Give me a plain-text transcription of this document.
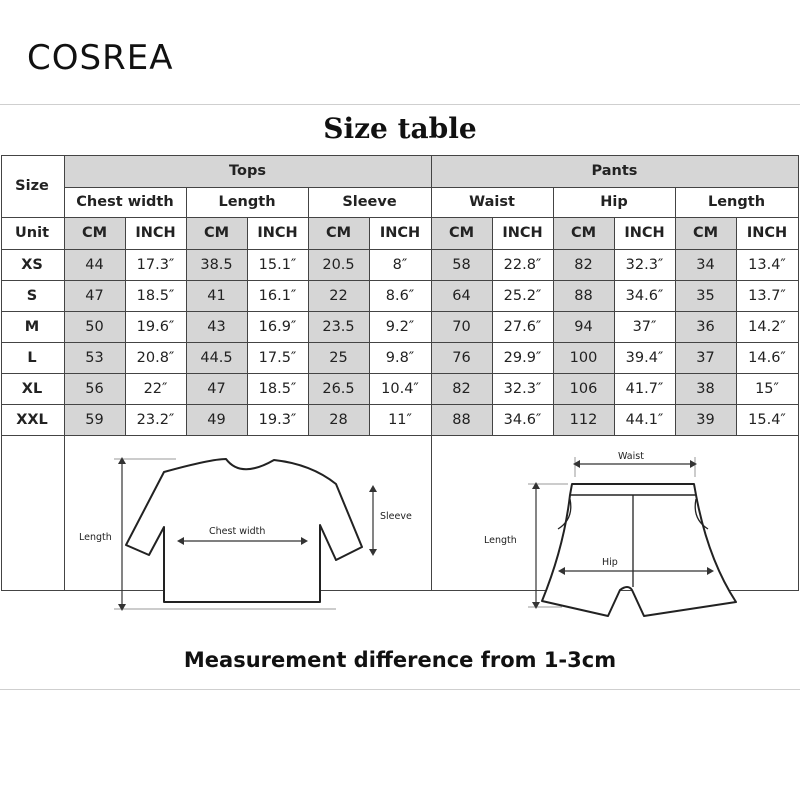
COSREA
Size table
Size
Tops	Pants
Chest width	Length	Sleeve	Waist	Hip	Length
Unit	CM	INCH	CM	INCH	CM	INCH	CM	INCH	CM	INCH	CM	INCH
XS	44	17.3″	38.5	15.1″	20.5	8″	58	22.8″	82	32.3″	34	13.4″
S	47	18.5″	41	16.1″	22	8.6″	64	25.2″	88	34.6″	35	13.7″
M	50	19.6″	43	16.9″	23.5	9.2″	70	27.6″	94	37″	36	14.2″
L	53	20.8″	44.5	17.5″	25	9.8″	76	29.9″	100	39.4″	37	14.6″
XL	56	22″	47	18.5″	26.5	10.4″	82	32.3″	106	41.7″	38	15″
XXL	59	23.2″	49	19.3″	28	11″	88	34.6″	112	44.1″	39	15.4″
Length
Chest width
Sleeve
Waist
Length
Hip
Measurement difference from 1-3cm
